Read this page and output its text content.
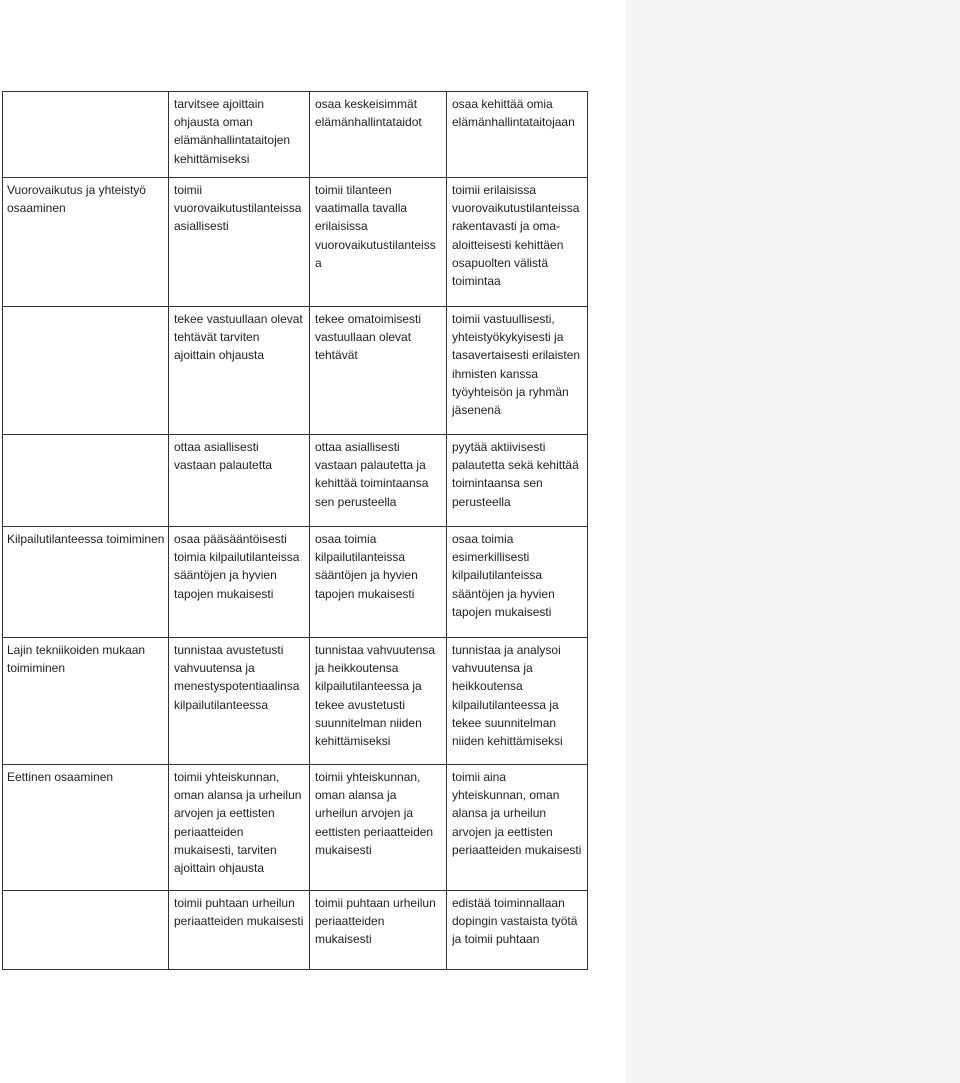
	tarvitsee ajoittain ohjausta oman elämänhallintataitojen kehittämiseksi	osaa keskeisimmät elämänhallintataidot	osaa kehittää omia elämänhallintataitojaan
Vuorovaikutus ja yhteistyö osaaminen	toimii vuorovaikutustilanteissa asiallisesti	toimii tilanteen vaatimalla tavalla erilaisissa vuorovaikutustilanteissa	toimii erilaisissa vuorovaikutustilanteissa rakentavasti ja oma-aloitteisesti kehittäen osapuolten välistä toimintaa
	tekee vastuullaan olevat tehtävät tarviten ajoittain ohjausta	tekee omatoimisesti vastuullaan olevat tehtävät	toimii vastuullisesti, yhteistyökykyisesti ja tasavertaisesti erilaisten ihmisten kanssa työyhteisön ja ryhmän jäsenenä
	ottaa asiallisesti vastaan palautetta	ottaa asiallisesti vastaan palautetta ja kehittää toimintaansa sen perusteella	pyytää aktiivisesti palautetta sekä kehittää toimintaansa sen perusteella
Kilpailutilanteessa toimiminen	osaa pääsääntöisesti toimia kilpailutilanteissa sääntöjen ja hyvien tapojen mukaisesti	osaa toimia kilpailutilanteissa sääntöjen ja hyvien tapojen mukaisesti	osaa toimia esimerkillisesti kilpailutilanteissa sääntöjen ja hyvien tapojen mukaisesti
Lajin tekniikoiden mukaan toimiminen	tunnistaa avustetusti vahvuutensa ja menestyspotentiaalinsa kilpailutilanteessa	tunnistaa vahvuutensa ja heikkoutensa kilpailutilanteessa ja tekee avustetusti suunnitelman niiden kehittämiseksi	tunnistaa ja analysoi vahvuutensa ja heikkoutensa kilpailutilanteessa ja tekee suunnitelman niiden kehittämiseksi
Eettinen osaaminen	toimii yhteiskunnan, oman alansa ja urheilun arvojen ja eettisten periaatteiden mukaisesti, tarviten ajoittain ohjausta	toimii yhteiskunnan, oman alansa ja urheilun arvojen ja eettisten periaatteiden mukaisesti	toimii aina yhteiskunnan, oman alansa ja urheilun arvojen ja eettisten periaatteiden mukaisesti
	toimii puhtaan urheilun periaatteiden mukaisesti	toimii puhtaan urheilun periaatteiden mukaisesti	edistää toiminnallaan dopingin vastaista työtä ja toimii puhtaan
